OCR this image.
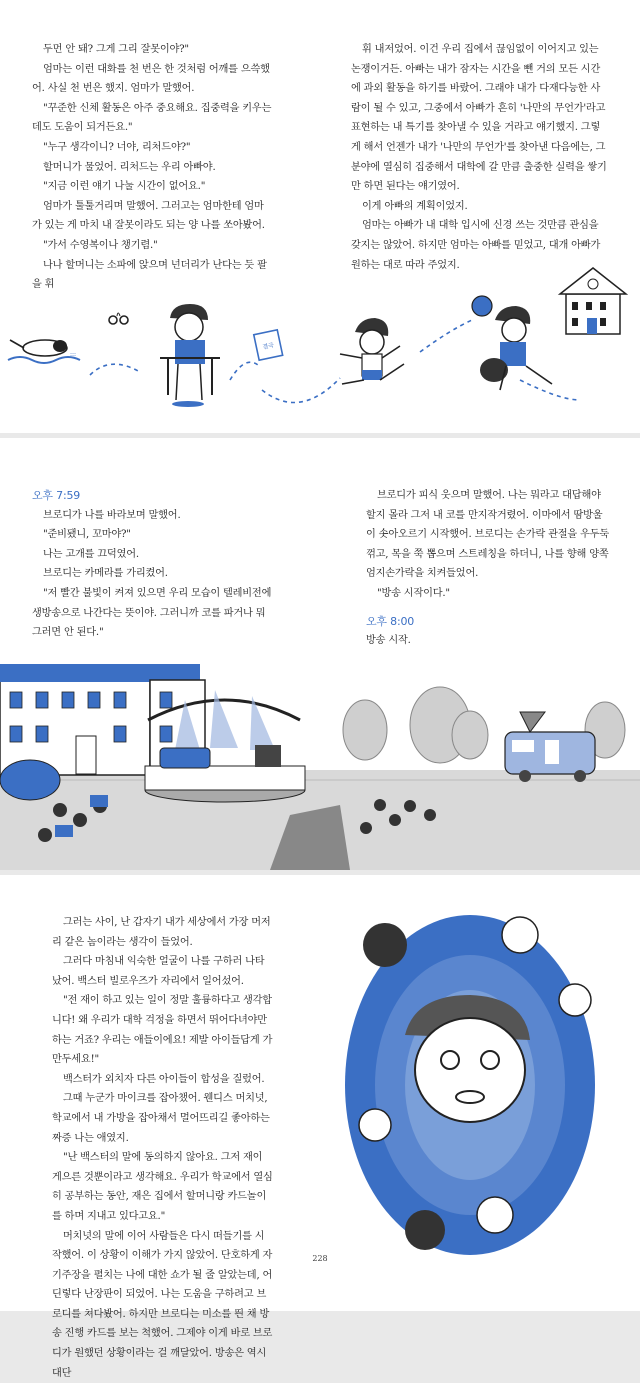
두먼 안 돼? 그게 그리 잘못이야?"

엄마는 이런 대화를 천 번은 한 것처럼 어깨를 으쓱했어. 사실 천 번은 했지. 엄마가 말했어.

"꾸준한 신체 활동은 아주 중요해요. 집중력을 키우는 데도 도움이 되거든요."

"누구 생각이니? 너야, 리처드야?"

할머니가 물었어. 리처드는 우리 아빠야.

"지금 이런 얘기 나눌 시간이 없어요."

엄마가 툴툴거리며 말했어. 그러고는 엄마한테 엄마가 있는 게 마치 내 잘못이라도 되는 양 나를 쏘아봤어.

"가서 수영복이나 챙기렴."

나나 할머니는 소파에 앉으며 넌더리가 난다는 듯 팔을 휘

휘 내저었어. 이건 우리 집에서 끊임없이 이어지고 있는 논쟁이거든. 아빠는 내가 잠자는 시간을 뺀 거의 모든 시간에 과외 활동을 하기를 바랐어. 그래야 내가 다재다능한 사람이 될 수 있고, 그중에서 아빠가 흔히 '나만의 무언가'라고 표현하는 내 특기를 찾아낼 수 있을 거라고 얘기했지. 그렇게 해서 언젠가 내가 '나만의 무언가'를 찾아낸 다음에는, 그 분야에 열심히 집중해서 대학에 갈 만큼 출중한 실력을 쌓기만 하면 된다는 얘기였어.

이게 아빠의 계획이었지.

엄마는 아빠가 내 대학 입시에 신경 쓰는 것만큼 관심을 갖지는 않았어. 하지만 엄마는 아빠를 믿었고, 대개 아빠가 원하는 대로 따라 주었지.

:::
결국

오후 7:59

브로디가 나를 바라보며 말했어.

"준비됐니, 꼬마야?"

나는 고개를 끄덕였어.

브로디는 카메라를 가리켰어.

"저 빨간 불빛이 켜져 있으면 우리 모습이 텔레비전에 생방송으로 나간다는 뜻이야. 그러니까 코를 파거나 뭐 그러면 안 된다."

브로디가 피식 웃으며 말했어. 나는 뭐라고 대답해야 할지 몰라 그저 내 코를 만지작거렸어. 이마에서 땀방울이 솟아오르기 시작했어. 브로디는 손가락 관절을 우두둑 꺾고, 목을 쭉 뽑으며 스트레칭을 하더니, 나를 향해 양쪽 엄지손가락을 치켜들었어.

"방송 시작이다."

오후 8:00

방송 시작.

그러는 사이, 난 갑자기 내가 세상에서 가장 머저리 같은 놈이라는 생각이 들었어.

그러다 마침내 익숙한 얼굴이 나를 구하러 나타났어. 백스터 빌로우즈가 자리에서 일어섰어.

"전 재이 하고 있는 일이 정말 훌륭하다고 생각합니다! 왜 우리가 대학 걱정을 하면서 뛰어다녀야만 하는 거죠? 우리는 애들이에요! 제발 아이들답게 가만두세요!"

백스터가 외치자 다른 아이들이 합성을 질렀어.

그때 누군가 마이크를 잡아챘어. 웬디스 머치넛, 학교에서 내 가방을 잡아채서 멀어뜨리길 좋아하는 짜증 나는 애였지.

"난 백스터의 말에 동의하지 않아요. 그저 재이 게으른 것뿐이라고 생각해요. 우리가 학교에서 열심히 공부하는 동안, 재은 집에서 할머니랑 카드놀이를 하며 지내고 있다고요."

머치넛의 말에 이어 사람들은 다시 떠들기를 시작했어. 이 상황이 이해가 가지 않았어. 단호하게 자기주장을 펼치는 나에 대한 쇼가 될 줄 알았는데, 어딘렇다 난장판이 되었어. 나는 도움을 구하려고 브로디를 쳐다봤어. 하지만 브로디는 미소를 띈 채 방송 진행 카드를 보는 척했어. 그제야 이게 바로 브로디가 원했던 상황이라는 걸 깨달았어. 방송은 역시 대단

228
